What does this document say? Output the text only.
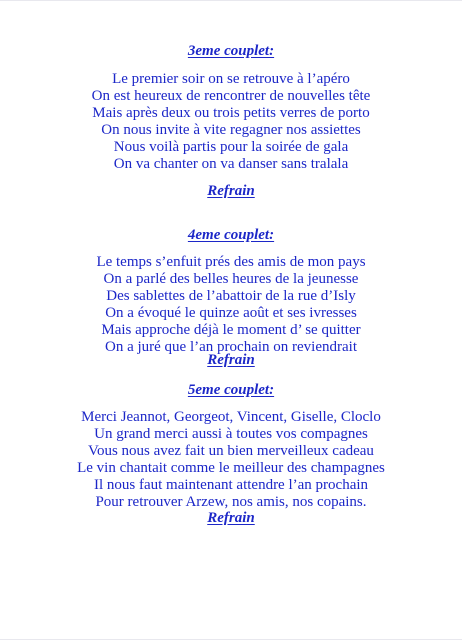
3eme couplet:
Le premier soir on se retrouve à l’apéro
On est heureux de rencontrer de nouvelles tête
Mais après deux ou trois petits verres de porto
On nous invite à vite regagner nos assiettes
Nous voilà partis pour la soirée de gala
On va chanter on va danser sans tralala
Refrain
4eme couplet:
Le temps s’enfuit prés des amis de mon pays
On a parlé des belles heures de la jeunesse
Des sablettes de l’abattoir de la rue d’Isly
On a évoqué le quinze août et ses ivresses
Mais approche déjà le moment d’ se quitter
On a juré que l’an prochain on reviendrait
Refrain
5eme couplet:
Merci Jeannot, Georgeot, Vincent, Giselle, Cloclo
Un grand merci aussi à toutes vos compagnes
Vous nous avez fait un bien merveilleux cadeau
Le vin chantait comme le meilleur des champagnes
Il nous faut maintenant attendre l’an prochain
Pour retrouver Arzew, nos amis, nos copains.
Refrain
